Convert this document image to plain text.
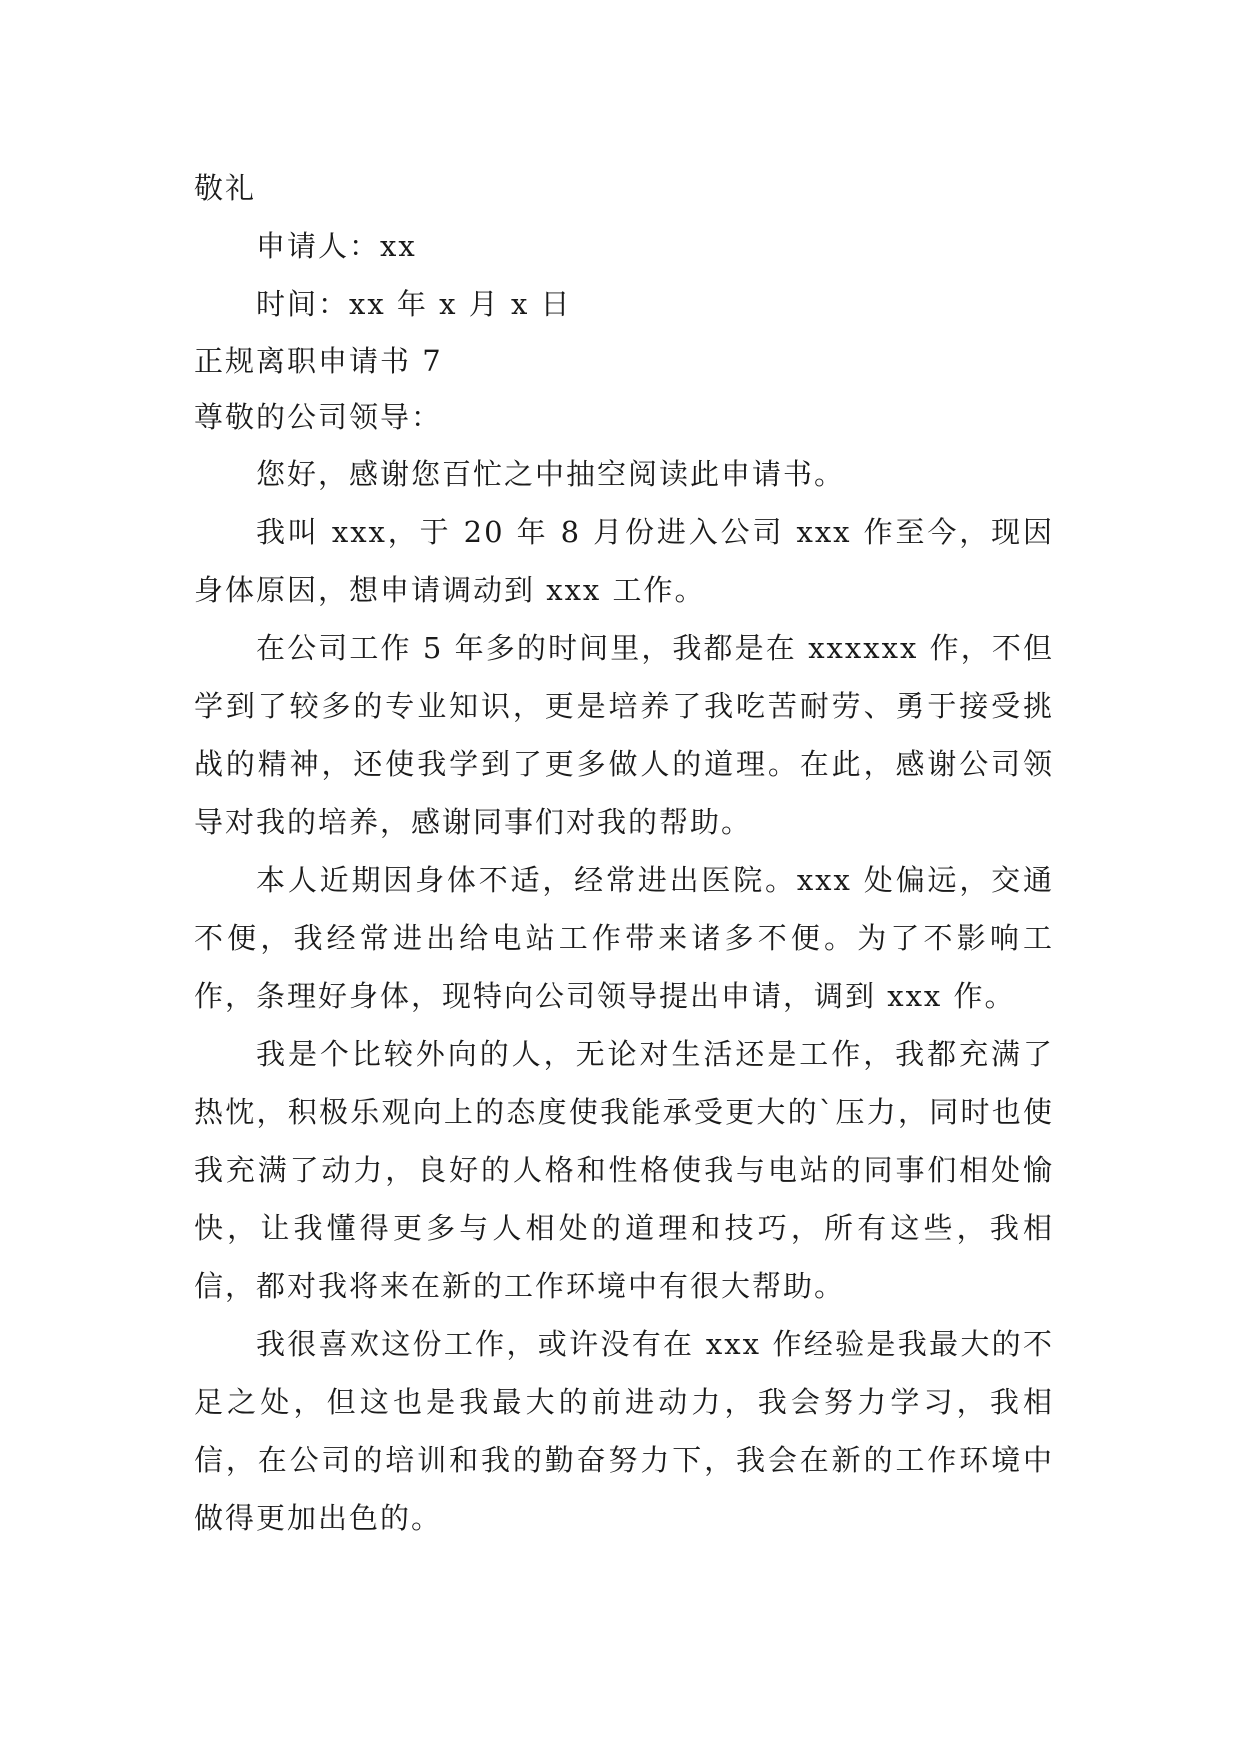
敬礼
申请人：xx
时间：xx 年 x 月 x 日
正规离职申请书 7
尊敬的公司领导：
您好，感谢您百忙之中抽空阅读此申请书。
我叫 xxx，于 20 年 8 月份进入公司 xxx 作至今，现因身体原因，想申请调动到 xxx 工作。
在公司工作 5 年多的时间里，我都是在 xxxxxx 作，不但学到了较多的专业知识，更是培养了我吃苦耐劳、勇于接受挑战的精神，还使我学到了更多做人的道理。在此，感谢公司领导对我的培养，感谢同事们对我的帮助。
本人近期因身体不适，经常进出医院。xxx 处偏远，交通不便，我经常进出给电站工作带来诸多不便。为了不影响工作，条理好身体，现特向公司领导提出申请，调到 xxx 作。
我是个比较外向的人，无论对生活还是工作，我都充满了热忱，积极乐观向上的态度使我能承受更大的`压力，同时也使我充满了动力，良好的人格和性格使我与电站的同事们相处愉快，让我懂得更多与人相处的道理和技巧，所有这些，我相信，都对我将来在新的工作环境中有很大帮助。
我很喜欢这份工作，或许没有在 xxx 作经验是我最大的不足之处，但这也是我最大的前进动力，我会努力学习，我相信，在公司的培训和我的勤奋努力下，我会在新的工作环境中做得更加出色的。
